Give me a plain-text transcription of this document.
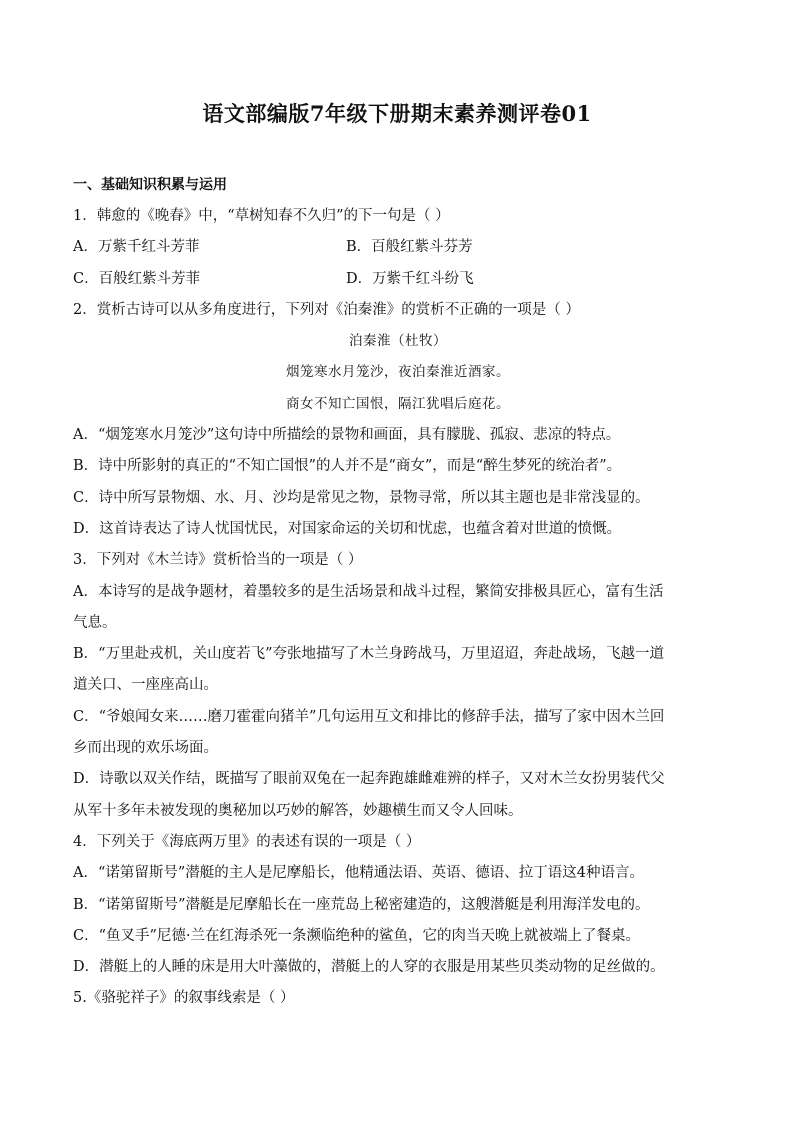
语文部编版7年级下册期末素养测评卷01
一、基础知识积累与运用
1．韩愈的《晚春》中，“草树知春不久归”的下一句是（ ）
A．万紫千红斗芳菲	B．百般红紫斗芬芳
C．百般红紫斗芳菲	D．万紫千红斗纷飞
2．赏析古诗可以从多角度进行，下列对《泊秦淮》的赏析不正确的一项是（ ）
泊秦淮（杜牧）
烟笼寒水月笼沙，夜泊秦淮近酒家。
商女不知亡国恨，隔江犹唱后庭花。
A．“烟笼寒水月笼沙”这句诗中所描绘的景物和画面，具有朦胧、孤寂、悲凉的特点。
B．诗中所影射的真正的“不知亡国恨”的人并不是“商女”，而是“醉生梦死的统治者”。
C．诗中所写景物烟、水、月、沙均是常见之物，景物寻常，所以其主题也是非常浅显的。
D．这首诗表达了诗人忧国忧民，对国家命运的关切和忧虑，也蕴含着对世道的愤慨。
3．下列对《木兰诗》赏析恰当的一项是（ ）
A．本诗写的是战争题材，着墨较多的是生活场景和战斗过程，繁简安排极具匠心，富有生活
气息。
B．“万里赴戎机，关山度若飞”夸张地描写了木兰身跨战马，万里迢迢，奔赴战场，飞越一道
道关口、一座座高山。
C．“爷娘闻女来……磨刀霍霍向猪羊”几句运用互文和排比的修辞手法，描写了家中因木兰回
乡而出现的欢乐场面。
D．诗歌以双关作结，既描写了眼前双兔在一起奔跑雄雌难辨的样子，又对木兰女扮男装代父
从军十多年未被发现的奥秘加以巧妙的解答，妙趣横生而又令人回味。
4．下列关于《海底两万里》的表述有误的一项是（ ）
A．“诺第留斯号”潜艇的主人是尼摩船长，他精通法语、英语、德语、拉丁语这4种语言。
B．“诺第留斯号”潜艇是尼摩船长在一座荒岛上秘密建造的，这艘潜艇是利用海洋发电的。
C．“鱼叉手”尼德·兰在红海杀死一条濒临绝种的鲨鱼，它的肉当天晚上就被端上了餐桌。
D．潜艇上的人睡的床是用大叶藻做的，潜艇上的人穿的衣服是用某些贝类动物的足丝做的。
5.《骆驼祥子》的叙事线索是（ ）
